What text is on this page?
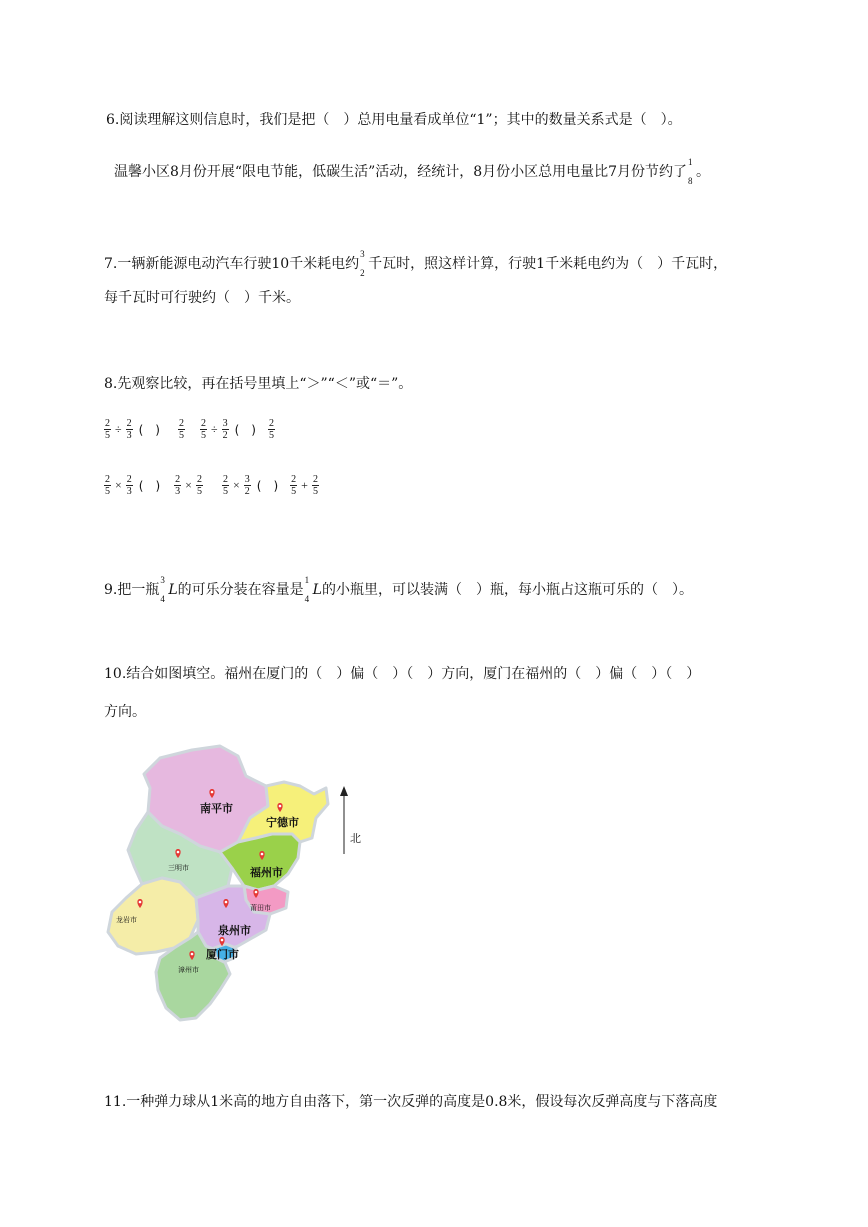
6.阅读理解这则信息时，我们是把（　）总用电量看成单位“1”；其中的数量关系式是（　）。
温馨小区8月份开展“限电节能，低碳生活”活动，经统计，8月份小区总用电量比7月份节约了
1
8
。
7.一辆新能源电动汽车行驶10千米耗电约
3
2
千瓦时，照这样计算，行驶1千米耗电约为（　）千瓦时，
每千瓦时可行驶约（　）千米。
8.先观察比较，再在括号里填上“＞”“＜”或“＝”。
$\frac{2}{5} \div \frac{2}{3}$ (　) 2
$5 \frac{2}{5} \div \frac{3}{2}$ (　) 2
5
$\frac{2}{5} \times \frac{2}{3}$ (　) $\frac{2}{3} \times \frac{2}{5} \frac{2}{5} \times \frac{3}{2}$ (　) 2
$5 + \frac{2}{5}$
9.把一瓶
3
4
L的可乐分装在容量是
1
4
L的小瓶里，可以装满（　）瓶，每小瓶占这瓶可乐的（　）。
10.结合如图填空。福州在厦门的（　）偏（　）（　）方向，厦门在福州的（　）偏（　）（　）
方向。
南平市
宁德市
三明市	福州市
莆田市
龙岩市
泉州市
厦门市
漳州市
北
11.一种弹力球从1米高的地方自由落下，第一次反弹的高度是0.8米，假设每次反弹高度与下落高度
